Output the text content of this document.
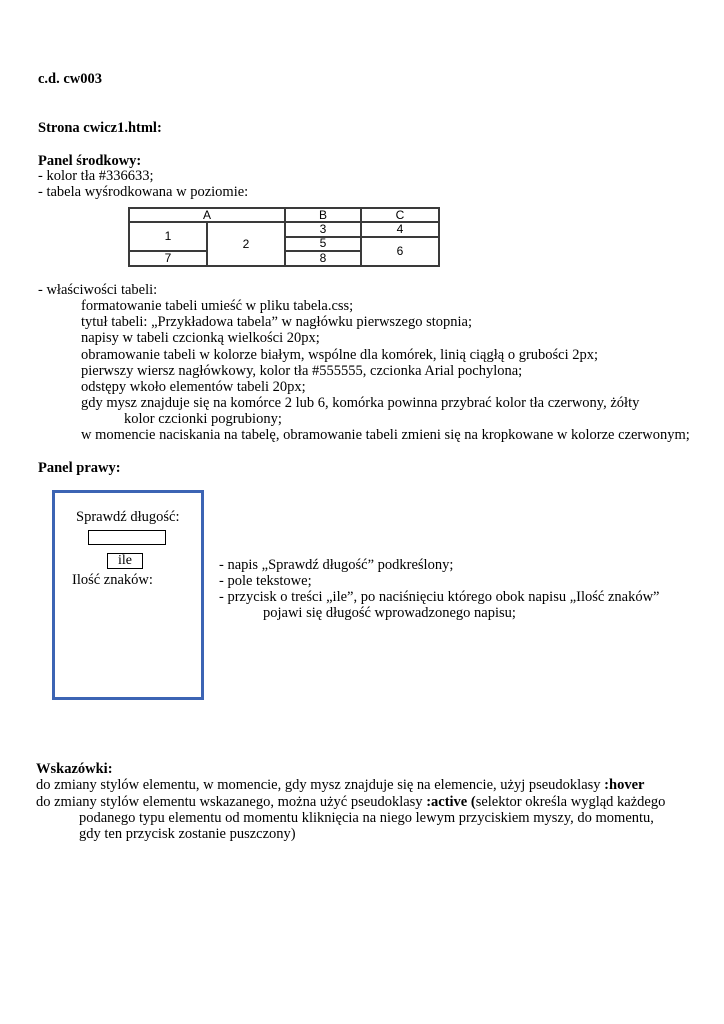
c.d. cw003
Strona cwicz1.html:
Panel środkowy:
- kolor tła #336633;
- tabela wyśrodkowana w poziomie:
A		B	C
1	2	3	4
		5	6
7		8	
- właściwości tabeli:
formatowanie tabeli umieść w pliku tabela.css;
tytuł tabeli: „Przykładowa tabela” w nagłówku pierwszego stopnia;
napisy w tabeli czcionką wielkości 20px;
obramowanie tabeli w kolorze białym, wspólne dla komórek, linią ciągłą o grubości 2px;
pierwszy wiersz nagłówkowy, kolor tła #555555, czcionka Arial pochylona;
odstępy wkoło elementów tabeli 20px;
gdy mysz znajduje się na komórce 2 lub 6, komórka powinna przybrać kolor tła czerwony, żółty
kolor czcionki pogrubiony;
w momencie naciskania na tabelę, obramowanie tabeli zmieni się na kropkowane w kolorze czerwonym;
Panel prawy:
Sprawdź długość:
ile
Ilość znaków:
- napis „Sprawdź długość” podkreślony;
- pole tekstowe;
- przycisk o treści „ile”, po naciśnięciu którego obok napisu „Ilość znaków”
pojawi się długość wprowadzonego napisu;
Wskazówki:
do zmiany stylów elementu, w momencie, gdy mysz znajduje się na elemencie, użyj pseudoklasy :hover
do zmiany stylów elementu wskazanego, można użyć pseudoklasy :active (selektor określa wygląd każdego
podanego typu elementu od momentu kliknięcia na niego lewym przyciskiem myszy, do momentu,
gdy ten przycisk zostanie puszczony)
